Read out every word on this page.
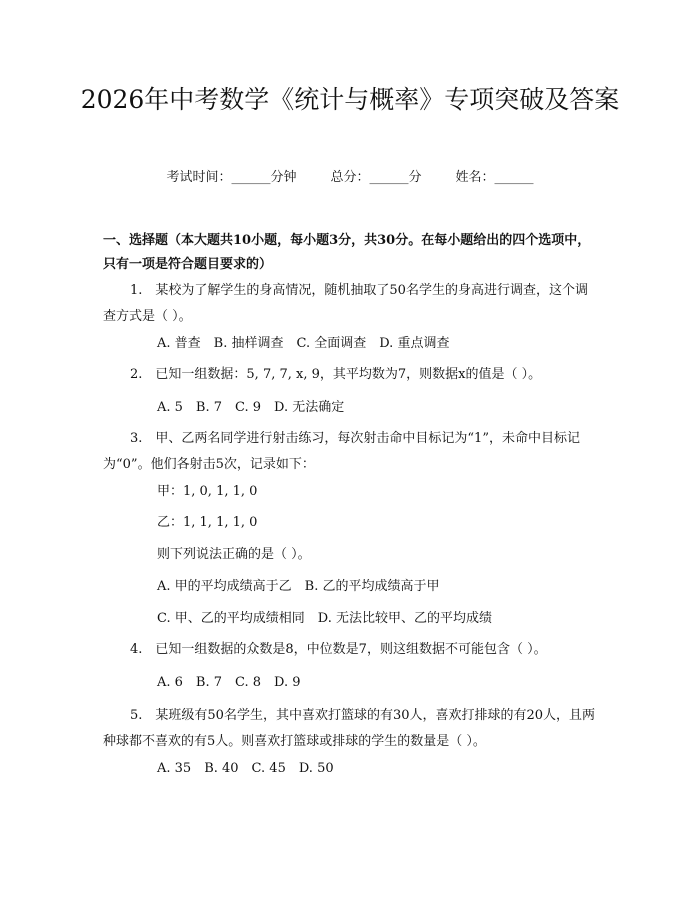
2026年中考数学《统计与概率》专项突破及答案
考试时间：______分钟	总分：______分	姓名：______
一、选择题（本大题共10小题，每小题3分，共30分。在每小题给出的四个选项中，只有一项是符合题目要求的）

1.　某校为了解学生的身高情况，随机抽取了50名学生的身高进行调查，这个调查方式是（ ）。

A. 普查　B. 抽样调查　C. 全面调查　D. 重点调查

2.　已知一组数据：5, 7, 7, x, 9，其平均数为7，则数据x的值是（ ）。

A. 5　B. 7　C. 9　D. 无法确定

3.　甲、乙两名同学进行射击练习，每次射击命中目标记为“1”，未命中目标记为“0”。他们各射击5次，记录如下：

甲：1, 0, 1, 1, 0

乙：1, 1, 1, 1, 0

则下列说法正确的是（ ）。

A. 甲的平均成绩高于乙　B. 乙的平均成绩高于甲

C. 甲、乙的平均成绩相同　D. 无法比较甲、乙的平均成绩

4.　已知一组数据的众数是8，中位数是7，则这组数据不可能包含（ ）。

A. 6　B. 7　C. 8　D. 9

5.　某班级有50名学生，其中喜欢打篮球的有30人，喜欢打排球的有20人，且两种球都不喜欢的有5人。则喜欢打篮球或排球的学生的数量是（ ）。

A. 35　B. 40　C. 45　D. 50
